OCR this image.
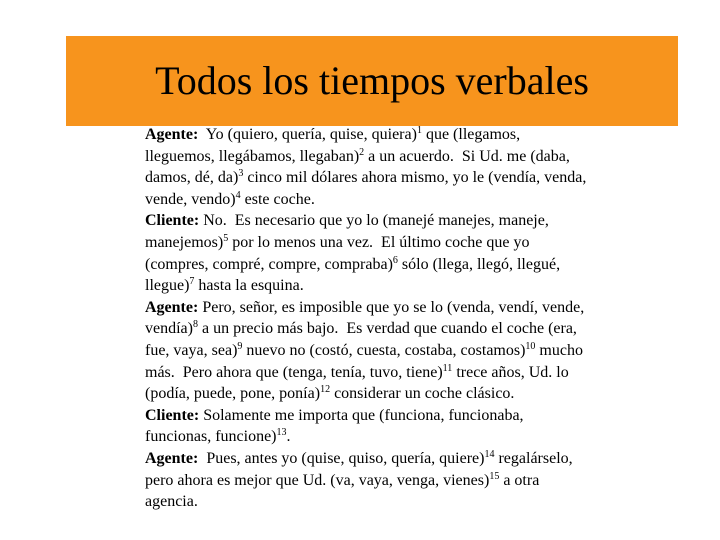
Todos los tiempos verbales
Agente:  Yo (quiero, quería, quise, quiera)$^1$ que (llegamos,
lleguemos, llegábamos, llegaban)$^2$ a un acuerdo.  Si Ud. me (daba,
damos, dé, da)$^3$ cinco mil dólares ahora mismo, yo le (vendía, venda,
vende, vendo)$^4$ este coche.
Cliente: No.  Es necesario que yo lo (manejé manejes, maneje,
manejemos)$^5$ por lo menos una vez.  El último coche que yo
(compres, compré, compre, compraba)$^6$ sólo (llega, llegó, llegué,
llegue)$^7$ hasta la esquina.
Agente: Pero, señor, es imposible que yo se lo (venda, vendí, vende,
vendía)$^8$ a un precio más bajo.  Es verdad que cuando el coche (era,
fue, vaya, sea)$^9$ nuevo no (costó, cuesta, costaba, costamos)$^{10}$ mucho
más.  Pero ahora que (tenga, tenía, tuvo, tiene)$^{11}$ trece años, Ud. lo
(podía, puede, pone, ponía)$^{12}$ considerar un coche clásico.
Cliente: Solamente me importa que (funciona, funcionaba,
funcionas, funcione)$^{13}$.
Agente:  Pues, antes yo (quise, quiso, quería, quiere)$^{14}$ regalárselo,
pero ahora es mejor que Ud. (va, vaya, venga, vienes)$^{15}$ a otra
agencia.
